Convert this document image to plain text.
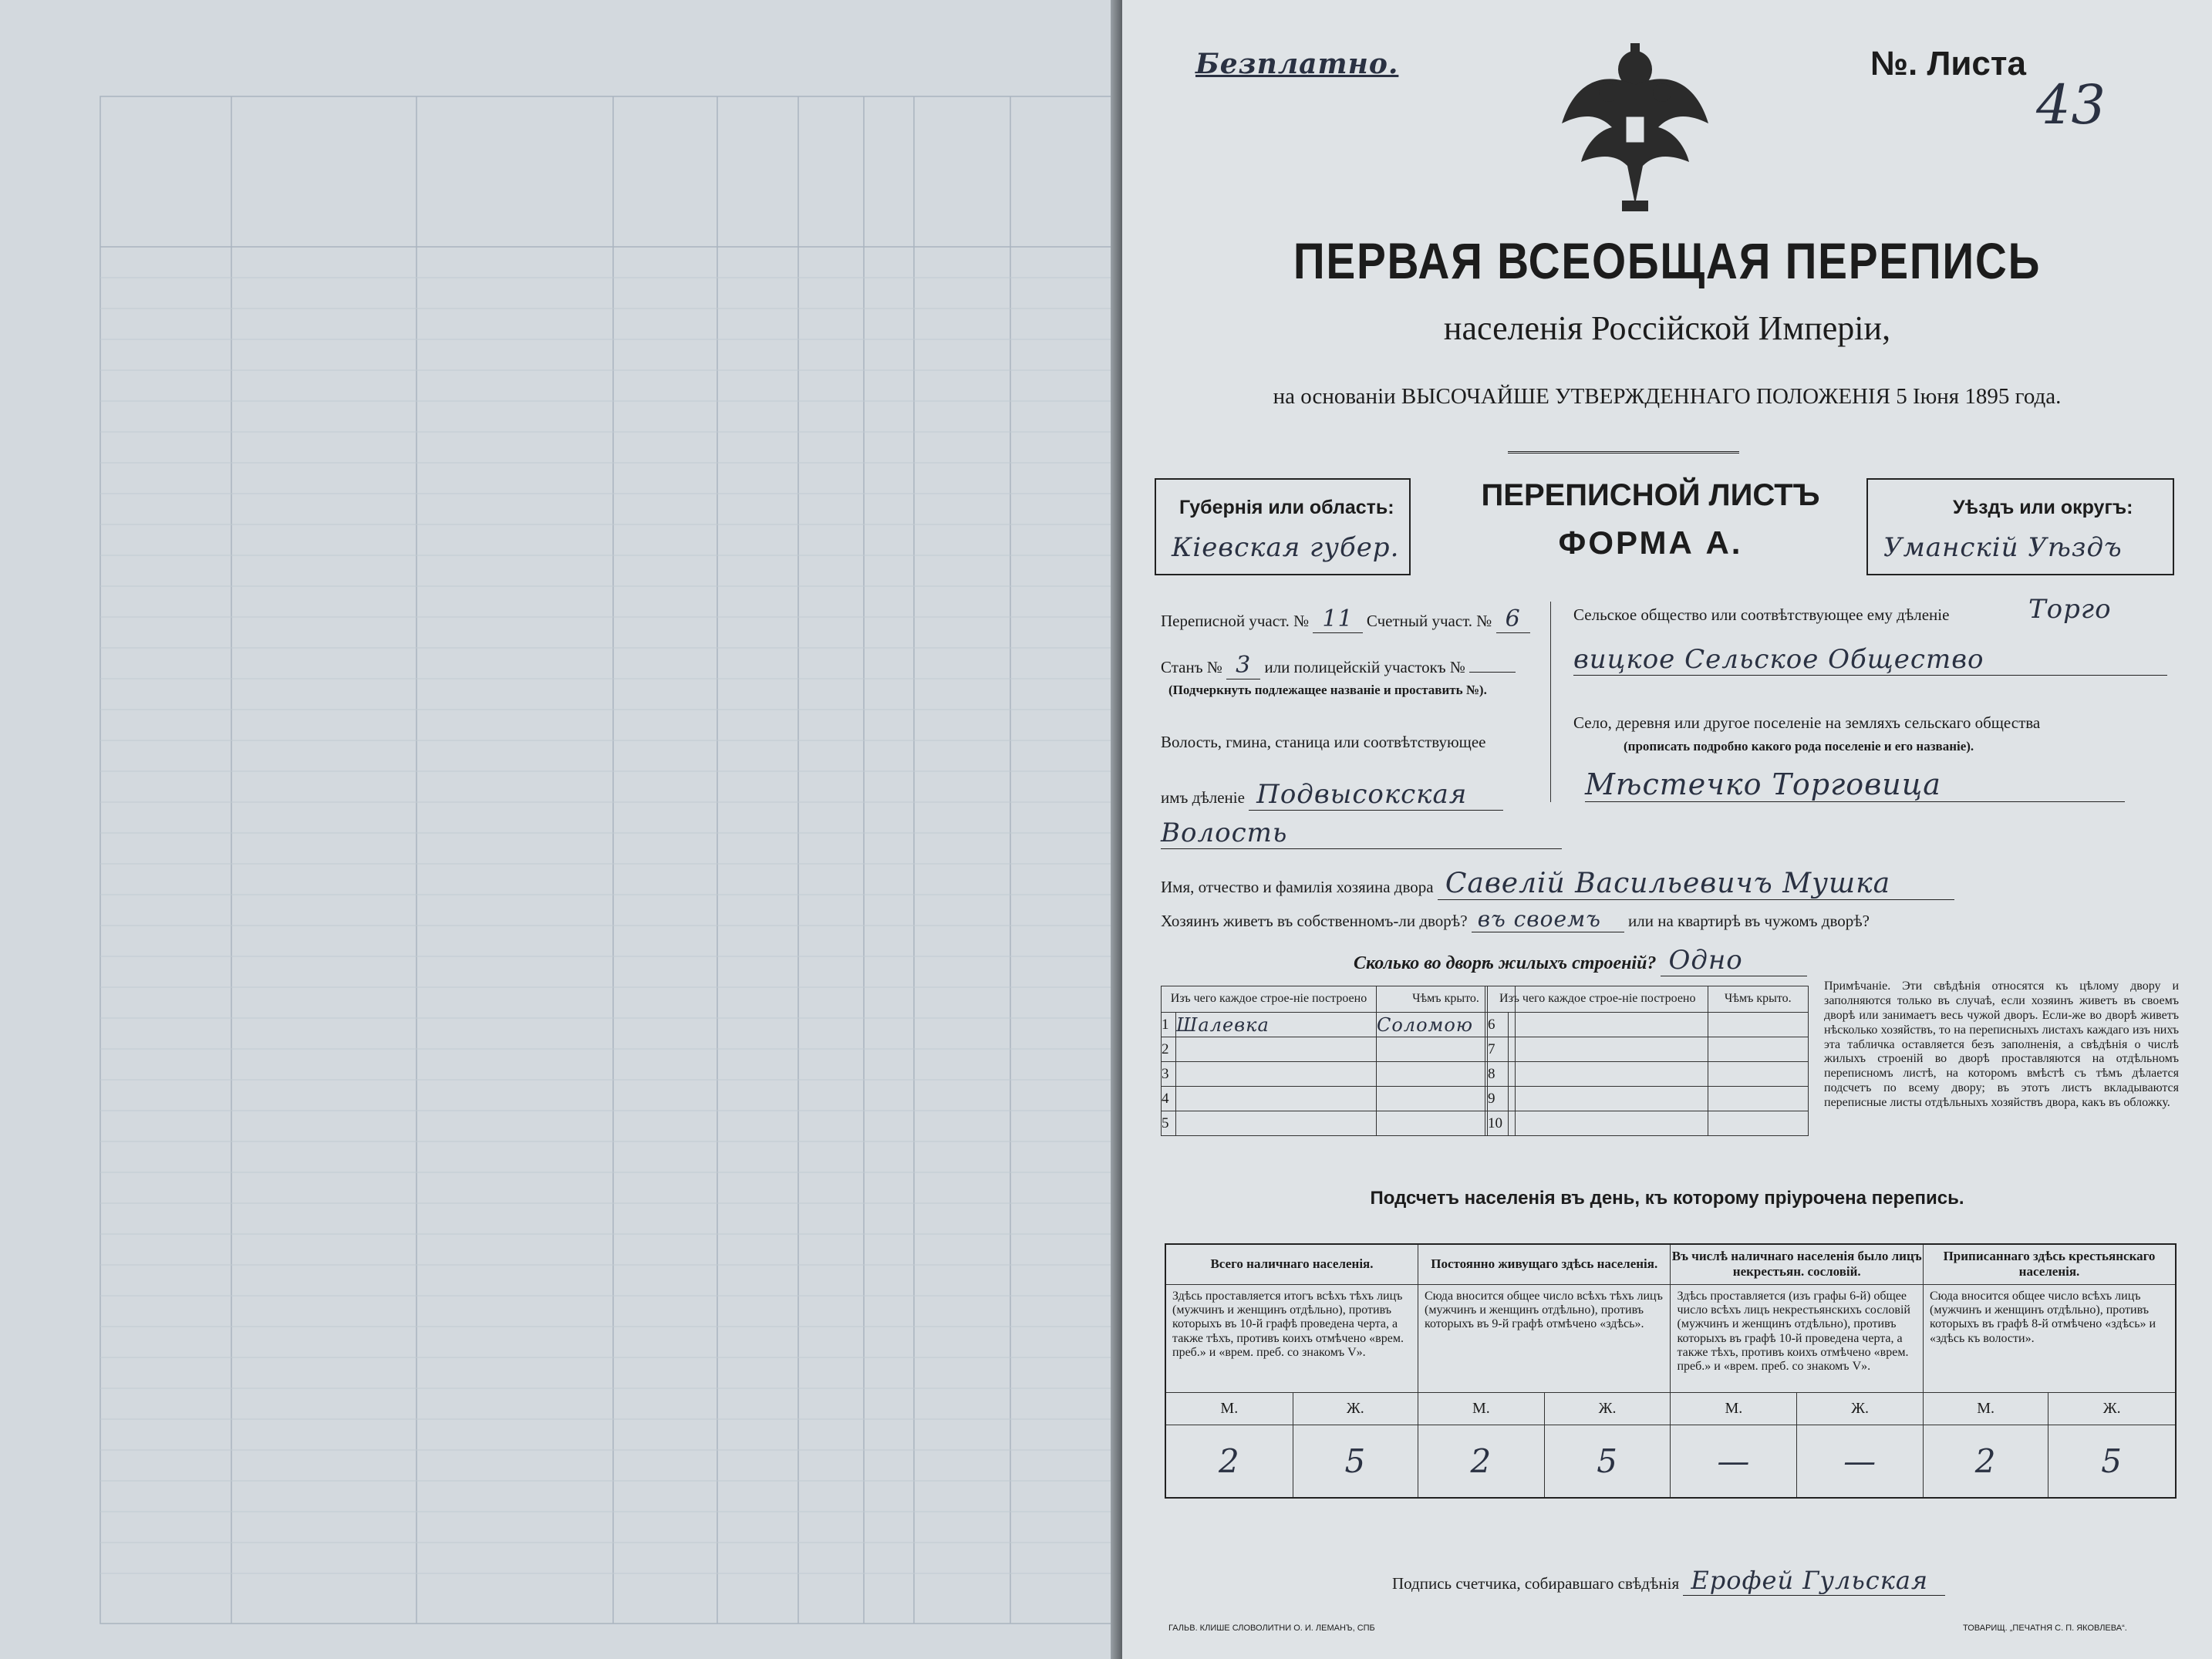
Безплатно.	№. Листа
43
ПЕРВАЯ ВСЕОБЩАЯ ПЕРЕПИСЬ
населенія Россійской Имперіи,
на основаніи ВЫСОЧАЙШЕ УТВЕРЖДЕННАГО ПОЛОЖЕНІЯ 5 Іюня 1895 года.
Губернія или область:
Кіевская губер.
ПЕРЕПИСНОЙ ЛИСТЪ
ФОРМА А.
Уѣздъ или округъ:
Уманскій Уѣздъ
Переписной участ. № 11 Счетный участ. № 6
Станъ № 3 или полицейскій участокъ №
(Подчеркнуть подлежащее названіе и проставить №).
Волость, гмина, станица или соотвѣтствующее
имъ дѣленіе Подвысокская
Волость
Сельское общество или соотвѣтствующее ему дѣленіе	Торго
вицкое Сельское Общество
Село, деревня или другое поселеніе на земляхъ сельскаго общества
(прописать подробно какого рода поселеніе и его названіе).
Мѣстечко Торговица
Имя, отчество и фамилія хозяина двора Савелій Васильевичъ Мушка
Хозяинъ живетъ въ собственномъ-ли дворѣ? въ своемъ или на квартирѣ въ чужомъ дворѣ?
Сколько во дворѣ жилыхъ строеній? Одно
Изъ чего каждое строе-ніе построено		Чѣмъ крыто.
1	Шалевка	Соломою
2		
3		
4		
5		
Изъ чего каждое строе-ніе построено		Чѣмъ крыто.
6		
7		
8		
9		
10		
Примѣчаніе. Эти свѣдѣнія относятся къ цѣлому двору и заполняются только въ случаѣ, если хозяинъ живетъ въ своемъ дворѣ или занимаетъ весь чужой дворъ. Если-же во дворѣ живетъ нѣсколько хозяйствъ, то на переписныхъ листахъ каждаго изъ нихъ эта табличка оставляется безъ заполненія, а свѣдѣнія о числѣ жилыхъ строеній во дворѣ проставляются на отдѣльномъ переписномъ листѣ, на которомъ вмѣстѣ съ тѣмъ дѣлается подсчетъ по всему двору; въ этотъ листъ вкладываются переписные листы отдѣльныхъ хозяйствъ двора, какъ въ обложку.
Подсчетъ населенія въ день, къ которому пріурочена перепись.
Всего наличнаго населенія.		Постоянно живущаго здѣсь населенія.		Въ числѣ наличнаго населенія было лицъ некрестьян. сословій.		Приписаннаго здѣсь крестьянскаго населенія.	
Здѣсь проставляется итогъ всѣхъ тѣхъ лицъ (мужчинъ и женщинъ отдѣльно), противъ которыхъ въ 10-й графѣ проведена черта, а также тѣхъ, противъ коихъ отмѣчено «врем. преб.» и «врем. преб. со знакомъ V».		Сюда вносится общее число всѣхъ тѣхъ лицъ (мужчинъ и женщинъ отдѣльно), противъ которыхъ въ 9-й графѣ отмѣчено «здѣсь».		Здѣсь проставляется (изъ графы 6-й) общее число всѣхъ лицъ некрестьянскихъ сословій (мужчинъ и женщинъ отдѣльно), противъ которыхъ въ графѣ 10-й проведена черта, а также тѣхъ, противъ коихъ отмѣчено «врем. преб.» и «врем. преб. со знакомъ V».		Сюда вносится общее число всѣхъ лицъ (мужчинъ и женщинъ отдѣльно), противъ которыхъ въ графѣ 8-й отмѣчено «здѣсь» и «здѣсь къ волости».	
М.	Ж.	М.	Ж.	М.	Ж.	М.	Ж.
2	5	2	5	—	—	2	5
Подпись счетчика, собиравшаго свѣдѣнія Ерофей Гульская
ГАЛЬВ. КЛИШЕ СЛОВОЛИТНИ О. И. ЛЕМАНЪ, СПБ	ТОВАРИЩ. „ПЕЧАТНЯ С. П. ЯКОВЛЕВА“.
